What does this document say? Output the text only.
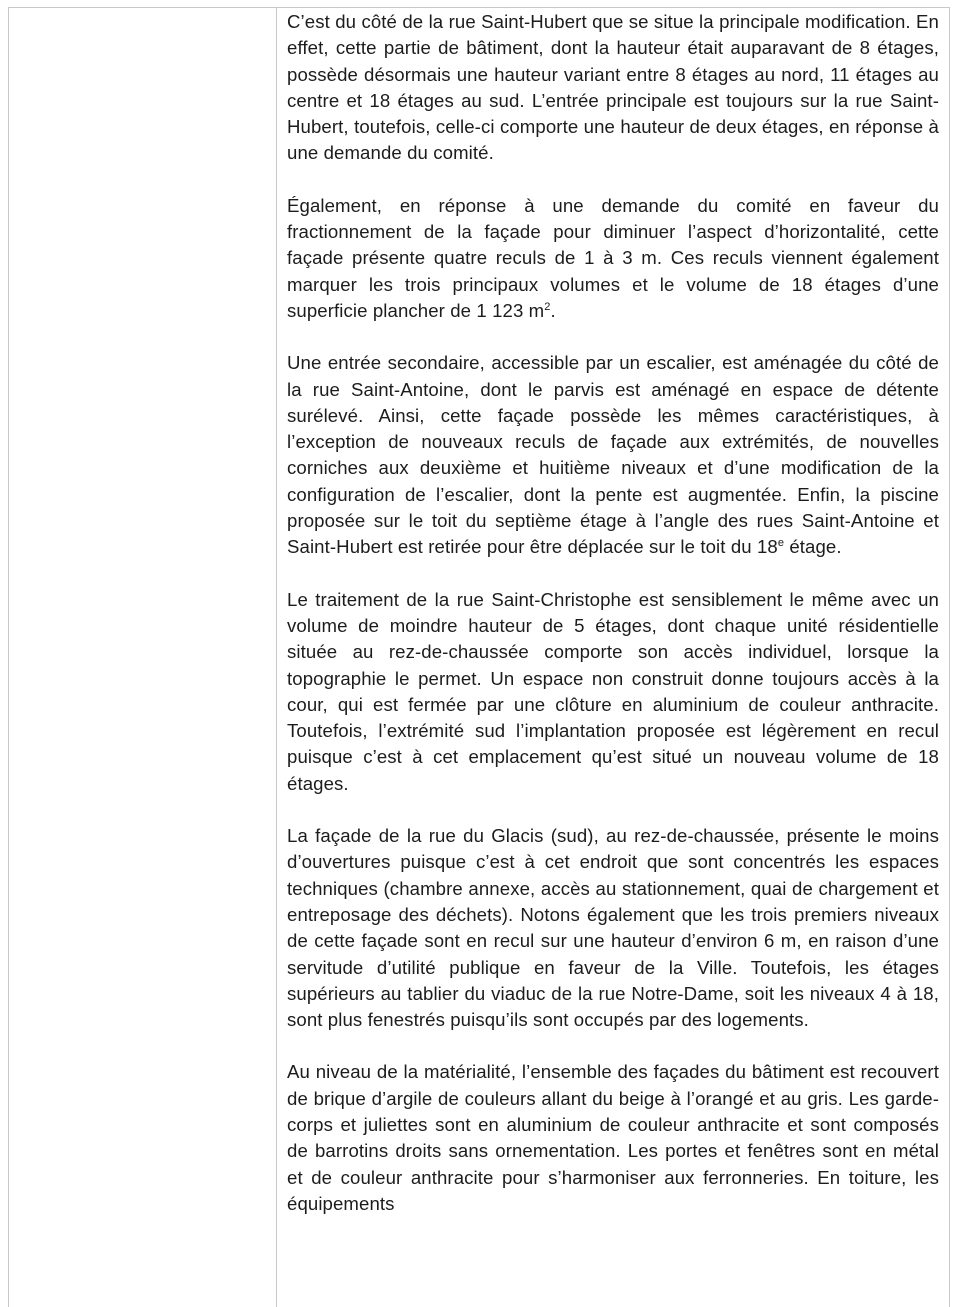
C’est du côté de la rue Saint-Hubert que se situe la principale modification. En effet, cette partie de bâtiment, dont la hauteur était auparavant de 8 étages, possède désormais une hauteur variant entre 8 étages au nord, 11 étages au centre et 18 étages au sud. L’entrée principale est toujours sur la rue Saint-Hubert, toutefois, celle-ci comporte une hauteur de deux étages, en réponse à une demande du comité.

Également, en réponse à une demande du comité en faveur du fractionnement de la façade pour diminuer l’aspect d’horizontalité, cette façade présente quatre reculs de 1 à 3 m. Ces reculs viennent également marquer les trois principaux volumes et le volume de 18 étages d’une superficie plancher de 1 123 $m^2$.

Une entrée secondaire, accessible par un escalier, est aménagée du côté de la rue Saint-Antoine, dont le parvis est aménagé en espace de détente surélevé. Ainsi, cette façade possède les mêmes caractéristiques, à l’exception de nouveaux reculs de façade aux extrémités, de nouvelles corniches aux deuxième et huitième niveaux et d’une modification de la configuration de l’escalier, dont la pente est augmentée. Enfin, la piscine proposée sur le toit du septième étage à l’angle des rues Saint-Antoine et Saint-Hubert est retirée pour être déplacée sur le toit du 18e étage.

Le traitement de la rue Saint-Christophe est sensiblement le même avec un volume de moindre hauteur de 5 étages, dont chaque unité résidentielle située au rez-de-chaussée comporte son accès individuel, lorsque la topographie le permet. Un espace non construit donne toujours accès à la cour, qui est fermée par une clôture en aluminium de couleur anthracite. Toutefois, l’extrémité sud l’implantation proposée est légèrement en recul puisque c’est à cet emplacement qu’est situé un nouveau volume de 18 étages.

La façade de la rue du Glacis (sud), au rez-de-chaussée, présente le moins d’ouvertures puisque c’est à cet endroit que sont concentrés les espaces techniques (chambre annexe, accès au stationnement, quai de chargement et entreposage des déchets). Notons également que les trois premiers niveaux de cette façade sont en recul sur une hauteur d’environ 6 m, en raison d’une servitude d’utilité publique en faveur de la Ville. Toutefois, les étages supérieurs au tablier du viaduc de la rue Notre-Dame, soit les niveaux 4 à 18, sont plus fenestrés puisqu’ils sont occupés par des logements.

Au niveau de la matérialité, l’ensemble des façades du bâtiment est recouvert de brique d’argile de couleurs allant du beige à l’orangé et au gris. Les garde-corps et juliettes sont en aluminium de couleur anthracite et sont composés de barrotins droits sans ornementation. Les portes et fenêtres sont en métal et de couleur anthracite pour s’harmoniser aux ferronneries. En toiture, les équipements
